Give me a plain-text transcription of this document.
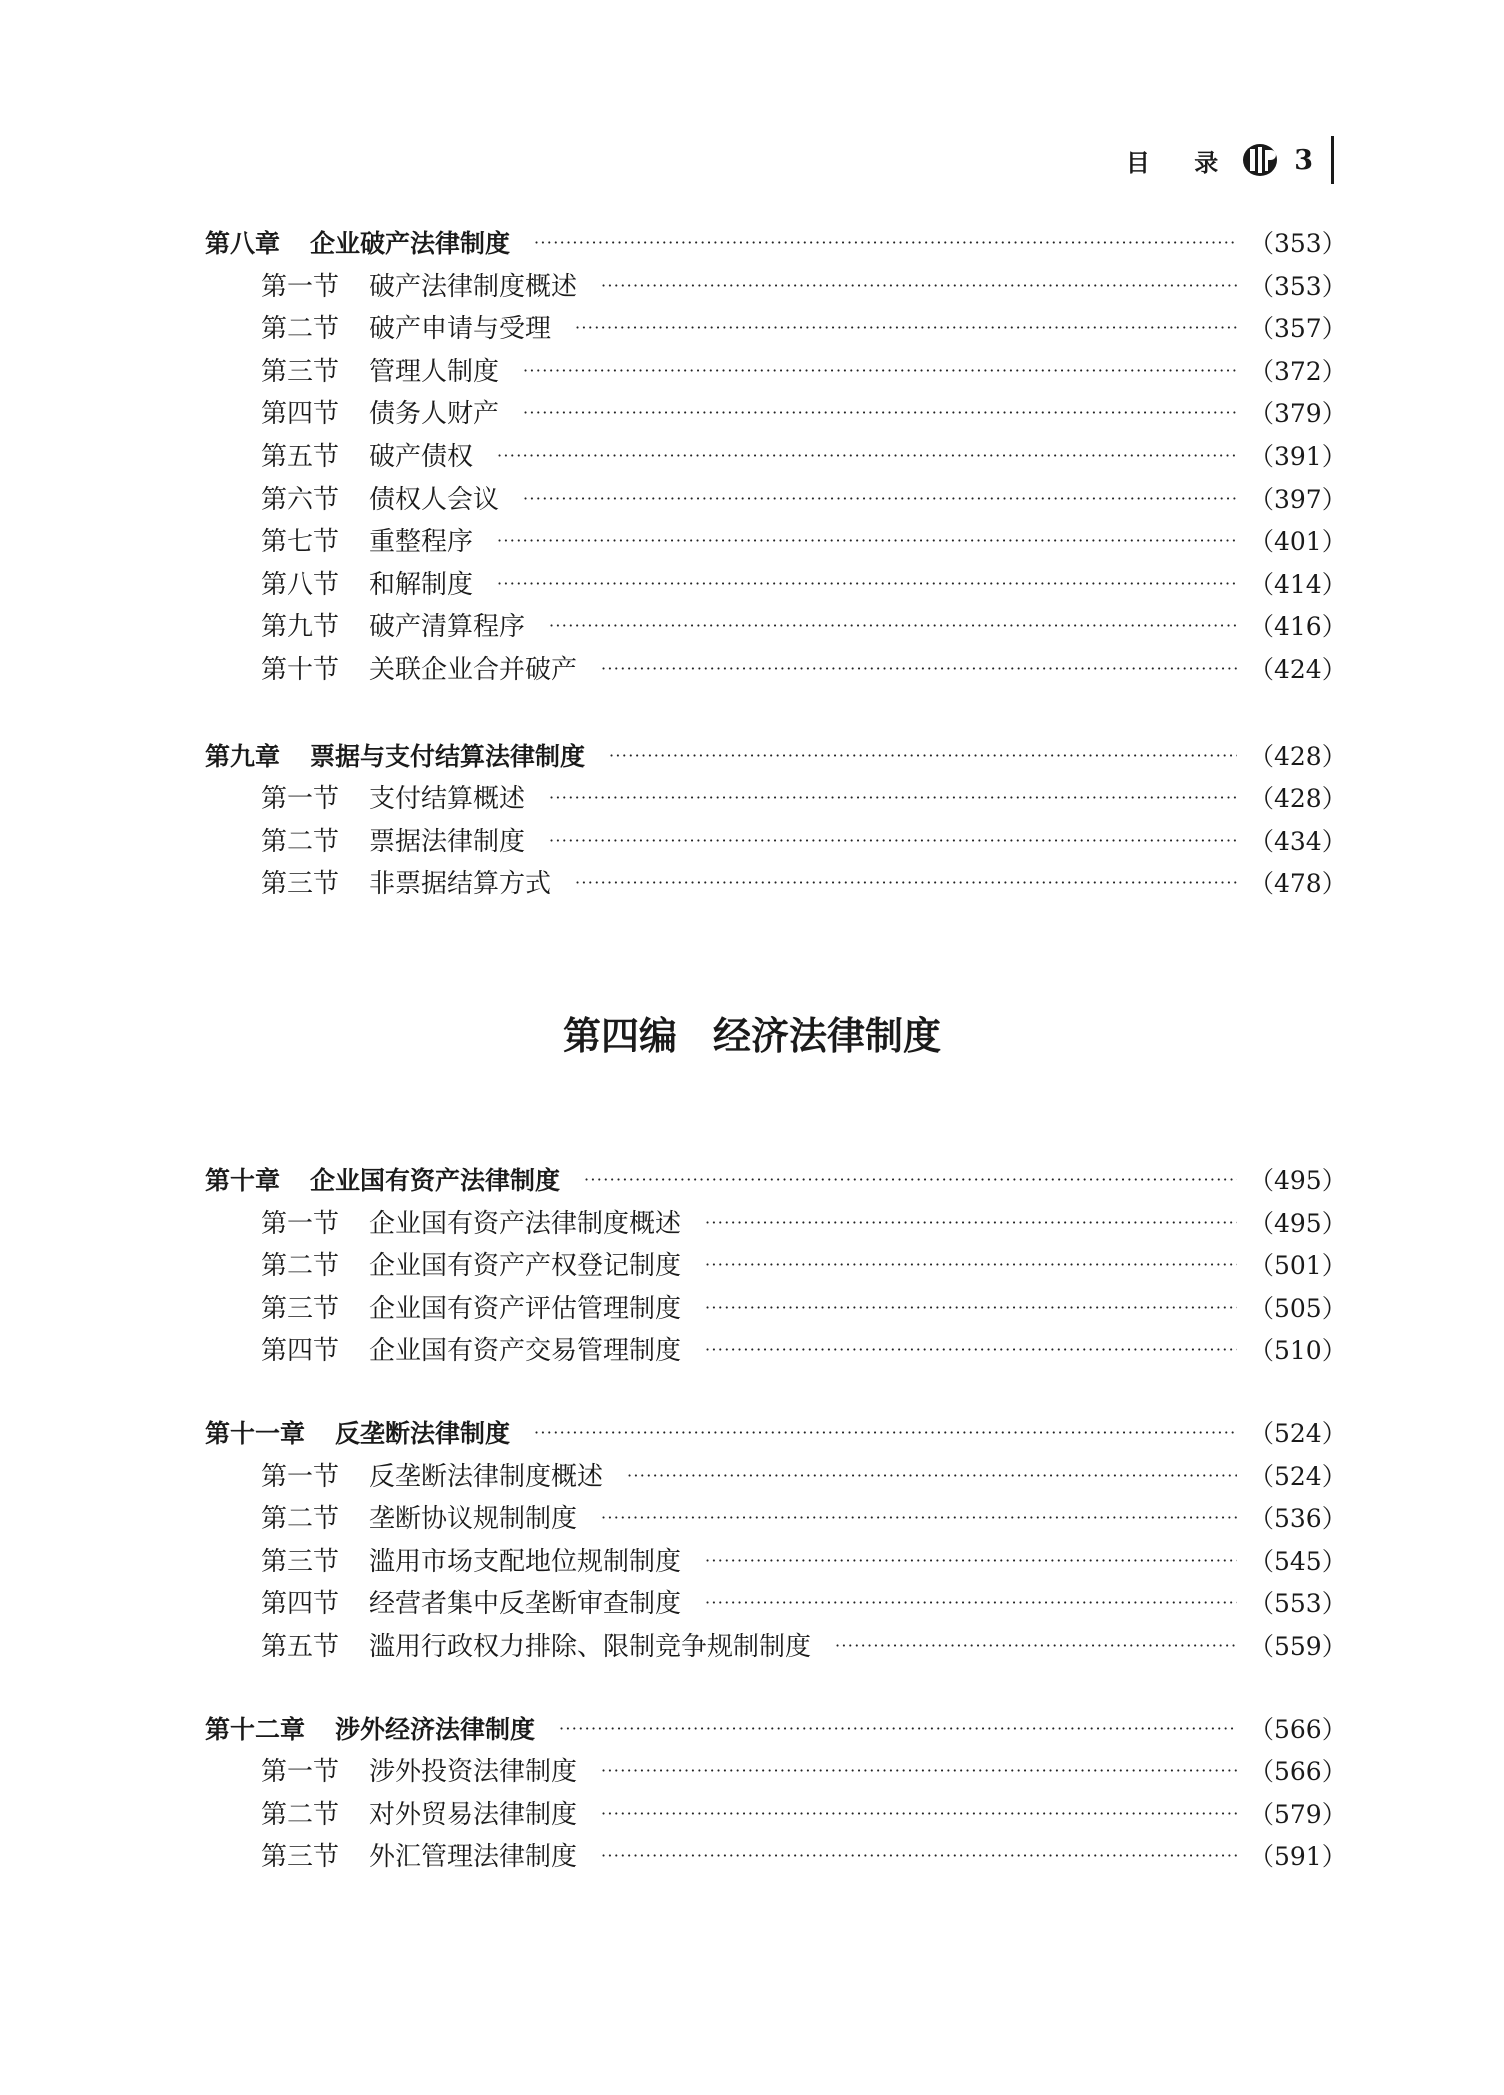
目 录 3
第八章 企业破产法律制度 ·····	（353）
第一节 破产法律制度概述 ·····	（353）
第二节 破产申请与受理 ·····	（357）
第三节 管理人制度 ·····	（372）
第四节 债务人财产 ·····	（379）
第五节 破产债权 ·····	（391）
第六节 债权人会议 ·····	（397）
第七节 重整程序 ·····	（401）
第八节 和解制度 ·····	（414）
第九节 破产清算程序 ·····	（416）
第十节 关联企业合并破产 ·····	（424）
第九章 票据与支付结算法律制度 ·····	（428）
第一节 支付结算概述 ·····	（428）
第二节 票据法律制度 ·····	（434）
第三节 非票据结算方式 ·····	（478）
第四编 经济法律制度
第十章 企业国有资产法律制度 ·····	（495）
第一节 企业国有资产法律制度概述 ·····	（495）
第二节 企业国有资产产权登记制度 ·····	（501）
第三节 企业国有资产评估管理制度 ·····	（505）
第四节 企业国有资产交易管理制度 ·····	（510）
第十一章 反垄断法律制度 ·····	（524）
第一节 反垄断法律制度概述 ·····	（524）
第二节 垄断协议规制制度 ·····	（536）
第三节 滥用市场支配地位规制制度 ·····	（545）
第四节 经营者集中反垄断审查制度 ·····	（553）
第五节 滥用行政权力排除、限制竞争规制制度 ·····	（559）
第十二章 涉外经济法律制度 ·····	（566）
第一节 涉外投资法律制度 ·····	（566）
第二节 对外贸易法律制度 ·····	（579）
第三节 外汇管理法律制度 ·····	（591）
